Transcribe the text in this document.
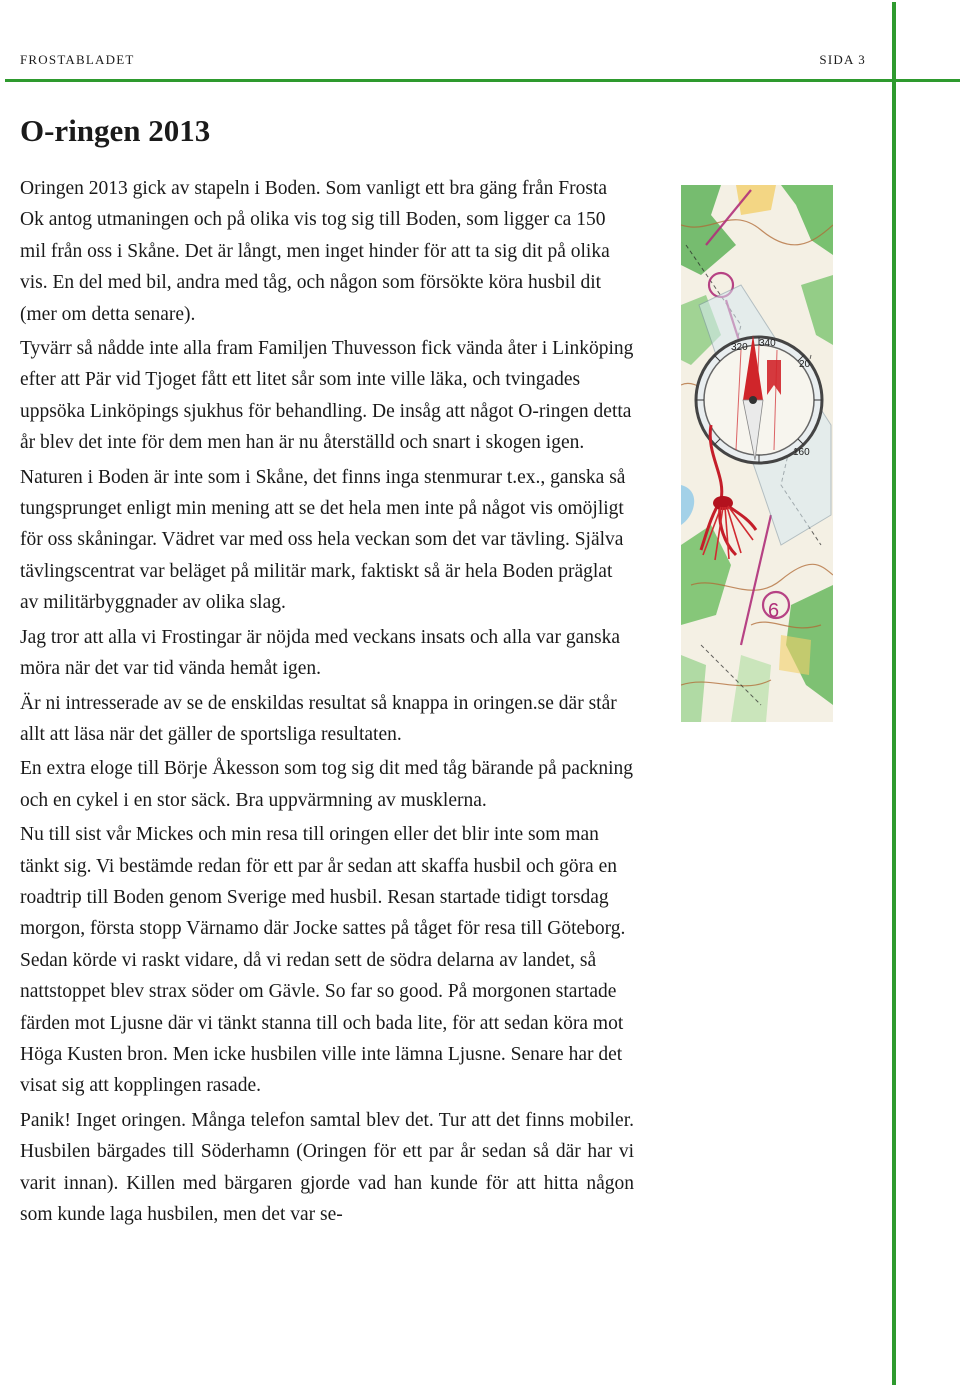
FROSTABLADET	SIDA 3
O-ringen 2013

Oringen 2013 gick av stapeln i Boden. Som vanligt ett bra gäng från Frosta Ok antog utmaningen och på olika vis tog sig till Boden, som ligger ca 150 mil från oss i Skåne. Det är långt, men inget hinder för att ta sig dit på olika vis. En del med bil, andra med tåg, och någon som försökte köra husbil dit (mer om detta senare).

Tyvärr så nådde inte alla fram Familjen Thuvesson fick vända åter i Linköping efter att Pär vid Tjoget fått ett litet sår som inte ville läka, och tvingades uppsöka Linköpings sjukhus för behandling. De insåg att något O-ringen detta år blev det inte för dem men han är nu återställd och snart i skogen igen.

Naturen i Boden är inte som i Skåne, det finns inga stenmurar t.ex., ganska så tungsprunget enligt min mening att se det hela men inte på något vis omöjligt för oss skåningar. Vädret var med oss hela veckan som det var tävling. Själva tävlingscentrat var beläget på militär mark, faktiskt så är hela Boden präglat av militärbyggnader av olika slag.

Jag tror att alla vi Frostingar är nöjda med veckans insats och alla var ganska möra när det var tid vända hemåt igen.

Är ni intresserade av se de enskildas resultat så knappa in oringen.se där står allt att läsa när det gäller de sportsliga resultaten.

En extra eloge till Börje Åkesson som tog sig dit med tåg bärande på packning och en cykel i en stor säck. Bra uppvärmning av musklerna.

Nu till sist vår Mickes och min resa till oringen eller det blir inte som man tänkt sig. Vi bestämde redan för ett par år sedan att skaffa husbil och göra en roadtrip till Boden genom Sverige med husbil. Resan startade tidigt torsdag morgon, första stopp Värnamo där Jocke sattes på tåget för resa till Göteborg. Sedan körde vi raskt vidare, då vi redan sett de södra delarna av landet, så nattstoppet blev strax söder om Gävle. So far so good. På morgonen startade färden mot Ljusne där vi tänkt stanna till och bada lite, för att sedan köra mot Höga Kusten bron. Men icke husbilen ville inte lämna Ljusne. Senare har det visat sig att kopplingen rasade.

Panik! Inget oringen. Många telefon samtal blev det. Tur att det finns mobiler. Husbilen bärgades till Söderhamn (Oringen för ett par år sedan så där har vi varit innan). Killen med bärgaren gjorde vad han kunde för att hitta någon som kunde laga husbilen, men det var se-

6
320 340
20
160
